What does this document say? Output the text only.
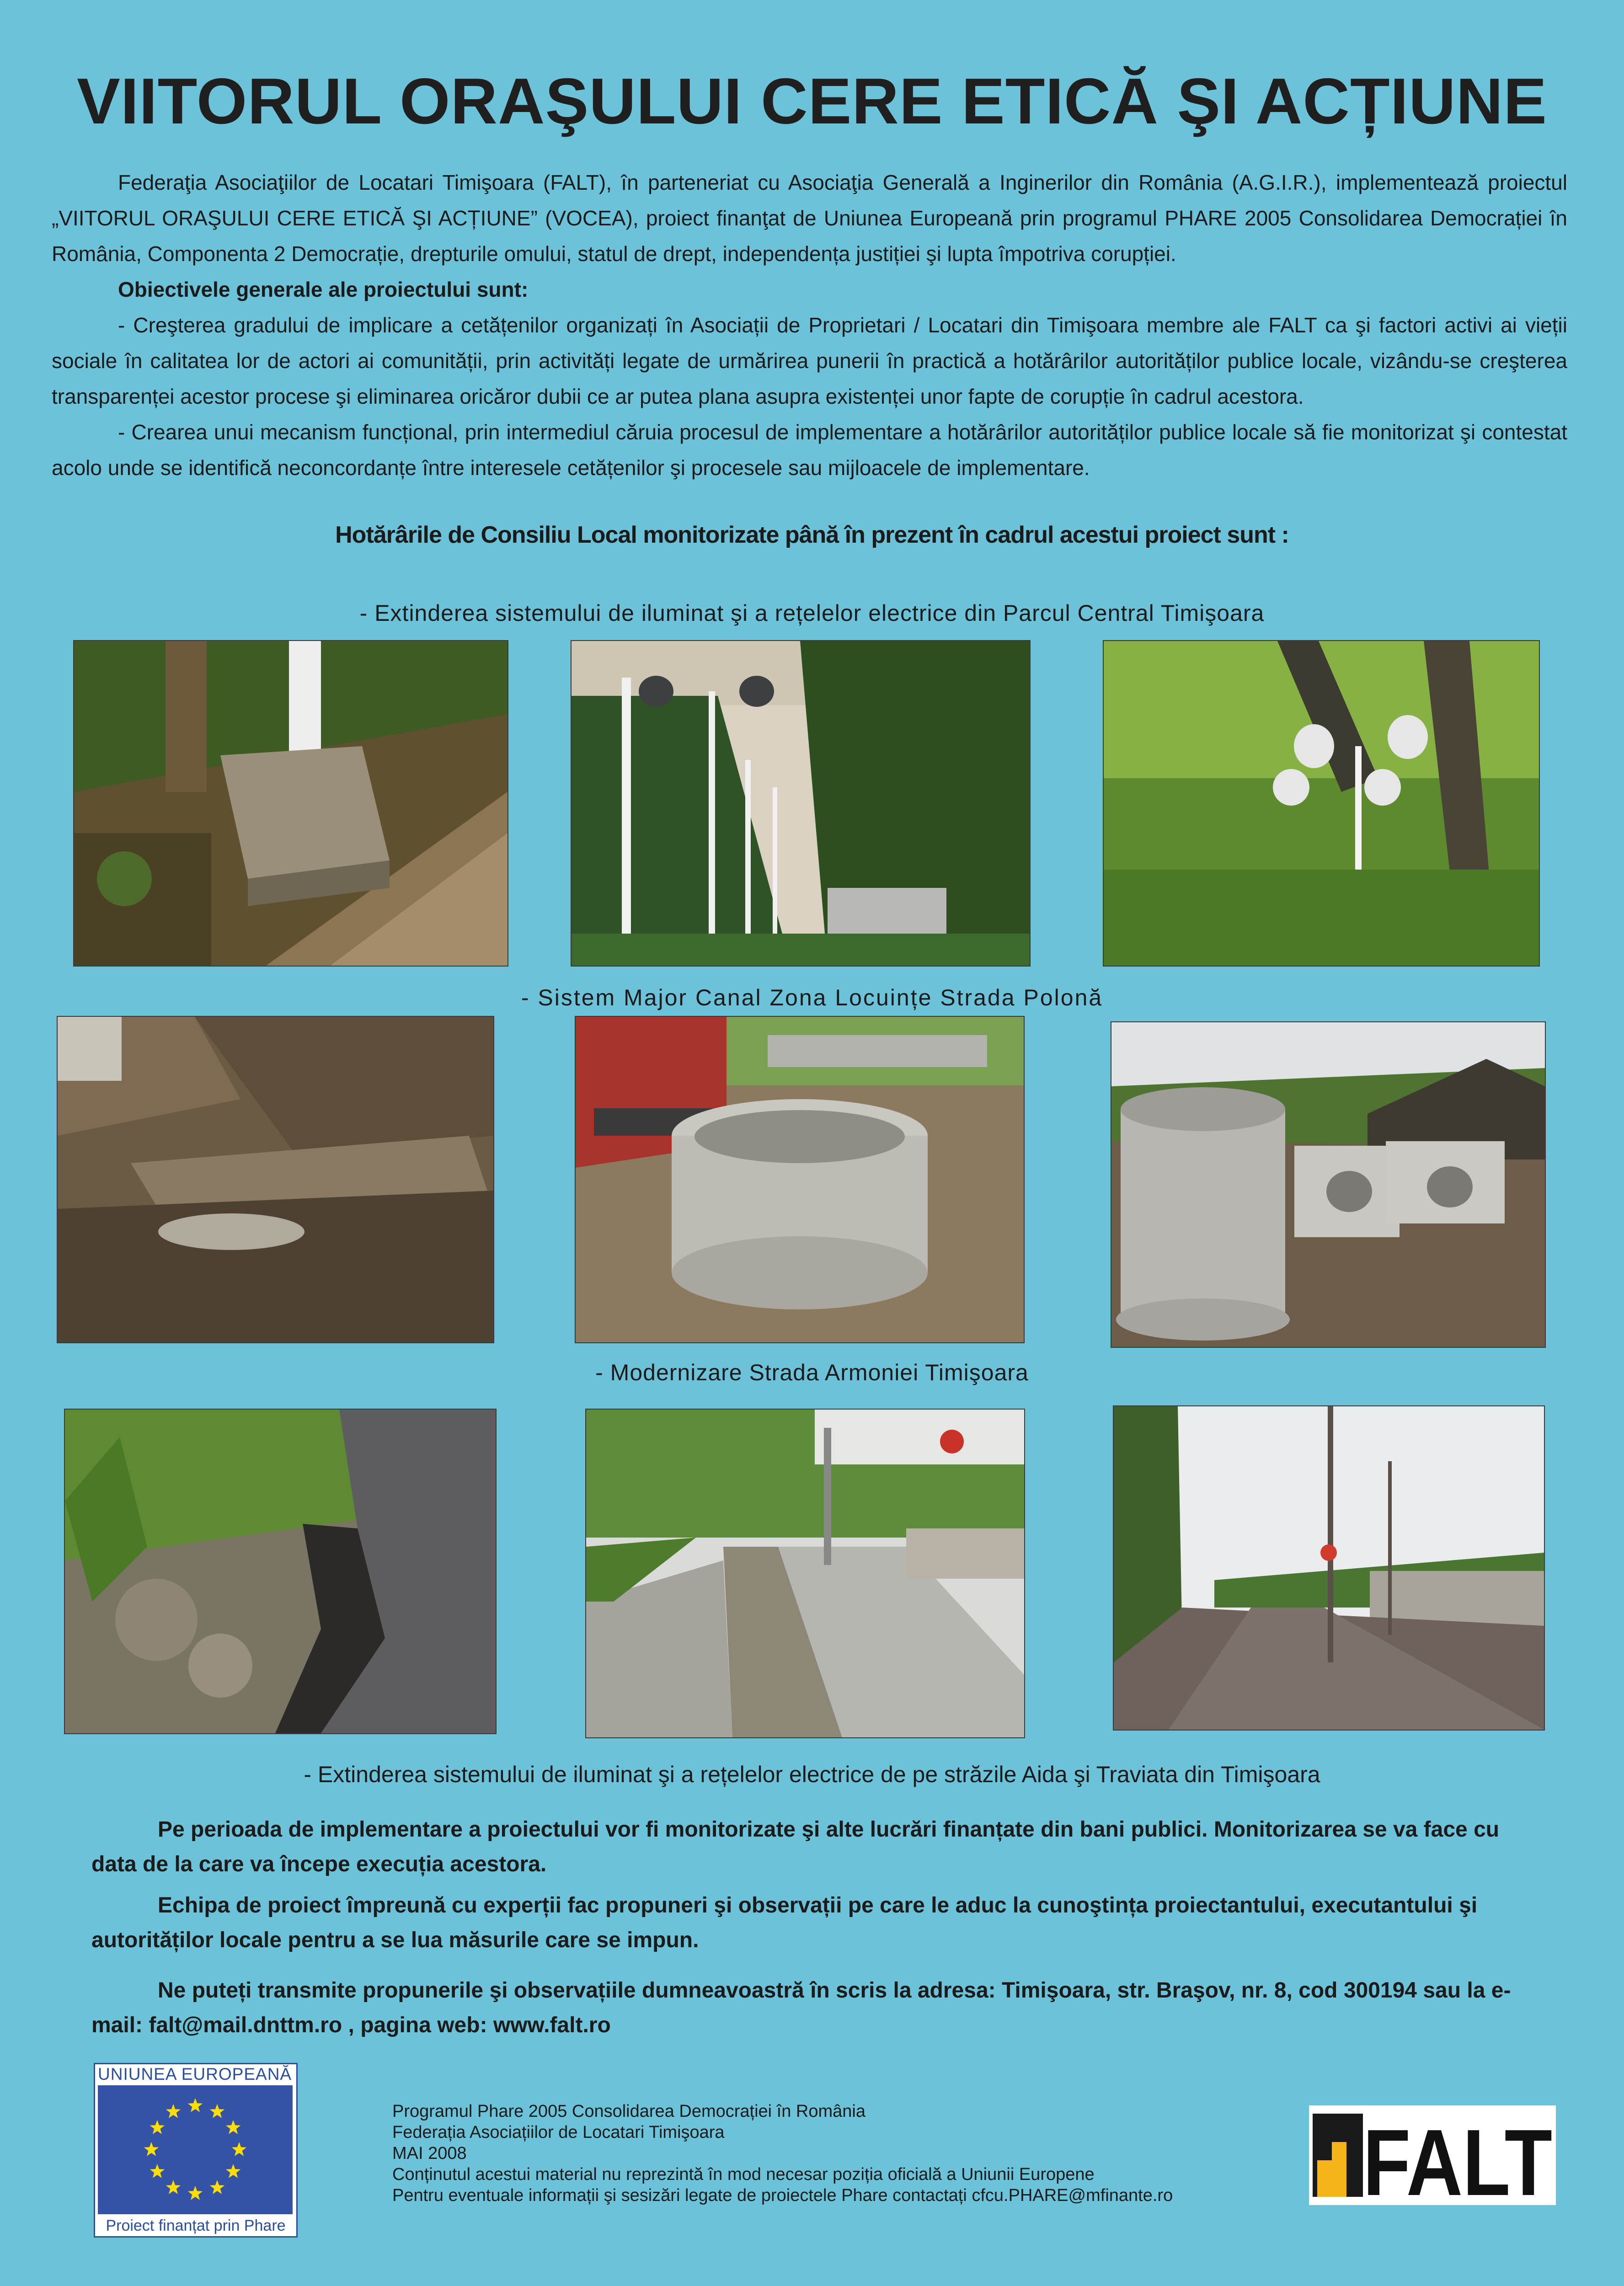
VIITORUL ORAŞULUI CERE ETICĂ ŞI ACȚIUNE

Federaţia Asociaţiilor de Locatari Timişoara (FALT), în parteneriat cu Asociaţia Generală a Inginerilor din România (A.G.I.R.), implementează proiectul „VIITORUL ORAŞULUI CERE ETICĂ ŞI ACȚIUNE” (VOCEA), proiect finanţat de Uniunea Europeană prin programul PHARE 2005 Consolidarea Democrației în România, Componenta 2 Democrație, drepturile omului, statul de drept, independența justiției şi lupta împotriva corupției.

Obiectivele generale ale proiectului sunt:

- Creşterea gradului de implicare a cetățenilor organizați în Asociații de Proprietari / Locatari din Timişoara membre ale FALT ca şi factori activi ai vieții sociale în calitatea lor de actori ai comunității, prin activități legate de urmărirea punerii în practică a hotărârilor autorităților publice locale, vizându-se creşterea transparenței acestor procese şi eliminarea oricăror dubii ce ar putea plana asupra existenței unor fapte de corupție în cadrul acestora.

- Crearea unui mecanism funcțional, prin intermediul căruia procesul de implementare a hotărârilor autorităților publice locale să fie monitorizat şi contestat acolo unde se identifică neconcordanțe între interesele cetățenilor şi procesele sau mijloacele de implementare.

Hotărârile de Consiliu Local monitorizate până în prezent în cadrul acestui proiect sunt :
- Extinderea sistemului de iluminat şi a rețelelor electrice din Parcul Central Timişoara
- Sistem Major Canal Zona Locuințe Strada Polonă
- Modernizare Strada Armoniei Timişoara
- Extinderea sistemului de iluminat şi a rețelelor electrice de pe străzile Aida şi Traviata din Timişoara

Pe perioada de implementare a proiectului vor fi monitorizate şi alte lucrări finanțate din bani publici. Monitorizarea se va face cu data de la care va începe execuția acestora.

Echipa de proiect împreună cu experții fac propuneri şi observații pe care le aduc la cunoştința proiectantului, executantului şi autorităților locale pentru a se lua măsurile care se impun.

Ne puteți transmite propunerile şi observațiile dumneavoastră în scris la adresa: Timişoara, str. Braşov, nr. 8, cod 300194 sau la e-mail: falt@mail.dnttm.ro , pagina web: www.falt.ro

UNIUNEA EUROPEANĂ
Proiect finanțat prin Phare
Programul Phare 2005 Consolidarea Democrației în România
Federația Asociațiilor de Locatari Timişoara
MAI 2008
Conținutul acestui material nu reprezintă în mod necesar poziția oficială a Uniunii Europene
Pentru eventuale informații şi sesizări legate de proiectele Phare contactați cfcu.PHARE@mfinante.ro	FALT
